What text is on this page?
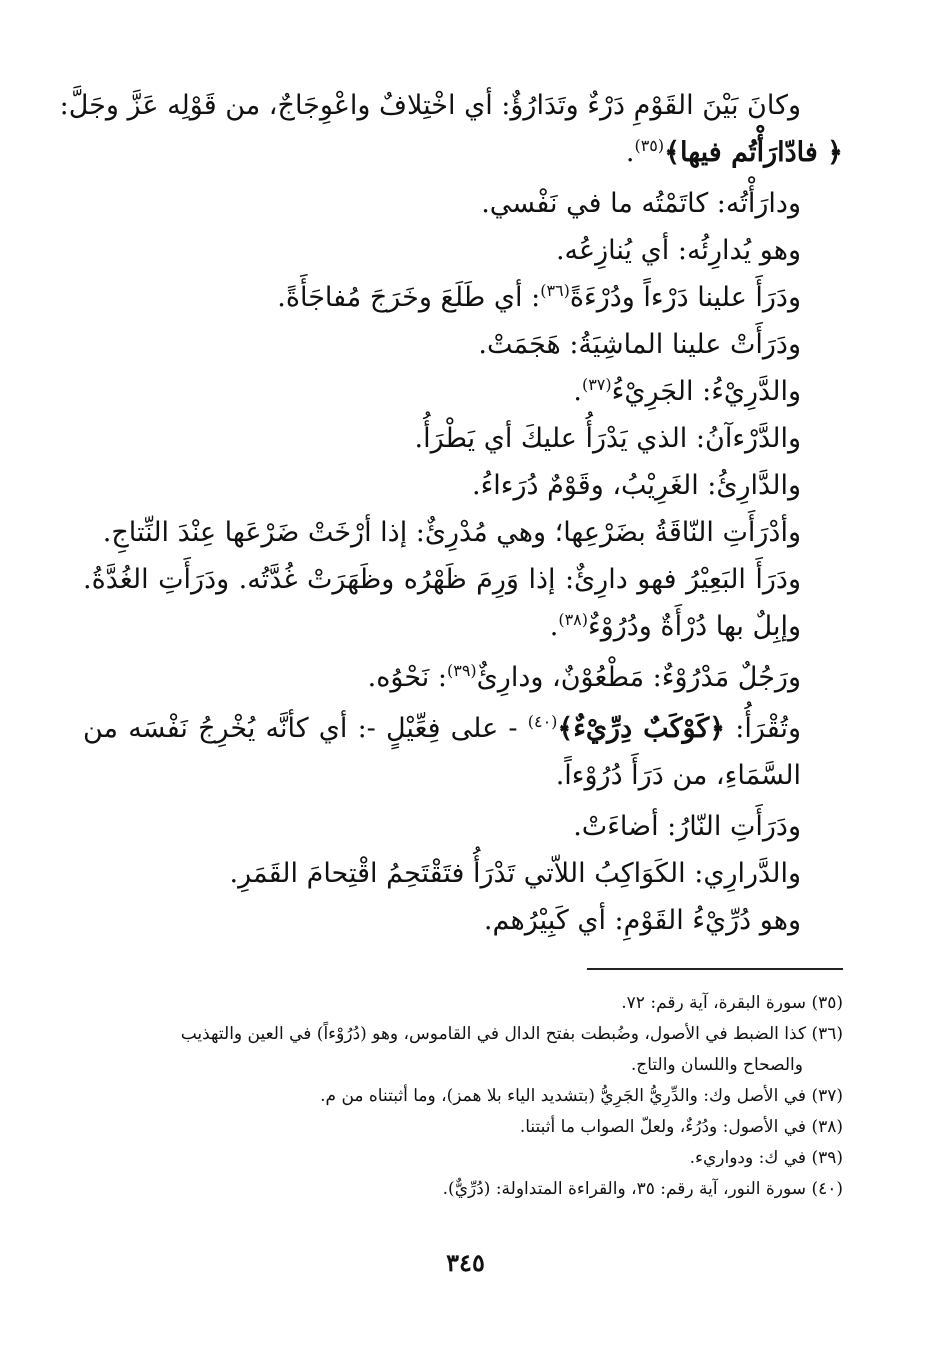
وكانَ بَيْنَ القَوْمِ دَرْءٌ وتَدَارُؤٌ: أي اخْتِلافٌ واعْوِجَاجٌ، من قَوْلِه عَزَّ وجَلَّ:

﴿ فادّارَأْتُم فيها﴾$^{(٣٥)}$.

ودارَأْتُه: كاتَمْتُه ما في نَفْسي.

وهو يُدارِئُه: أي يُنازِعُه.

ودَرَأَ علينا دَرْءاً ودُرْءَةً$^{(٣٦)}$: أي طَلَعَ وخَرَجَ مُفاجَأَةً.

ودَرَأَتْ علينا الماشِيَةُ: هَجَمَتْ.

والدَّرِيْءُ: الجَرِيْءُ$^{(٣٧)}$.

والدَّرْءآنُ: الذي يَدْرَأُ عليكَ أي يَطْرَأُ.

والدَّارِئُ: الغَرِيْبُ، وقَوْمٌ دُرَءاءُ.

وأدْرَأَتِ النّاقَةُ بضَرْعِها؛ وهي مُدْرِئٌ: إذا أرْخَتْ ضَرْعَها عِنْدَ النِّتاجِ.

ودَرَأَ البَعِيْرُ فهو دارِئٌ: إذا وَرِمَ ظَهْرُه وظَهَرَتْ غُدَّتُه. ودَرَأَتِ الغُدَّةُ. وإبِلٌ بها دُرْأَةٌ ودُرُوْءٌ$^{(٣٨)}$.

ورَجُلٌ مَدْرُوْءٌ: مَطْعُوْنٌ، ودارِئٌ$^{(٣٩)}$: نَحْوُه.

وتُقْرَأُ: ﴿كَوْكَبٌ دِرِّيْءٌ﴾$^{(٤٠)}$ - على فِعِّيْلٍ -: أي كأنَّه يُخْرِجُ نَفْسَه من السَّمَاءِ، من دَرَأَ دُرُوْءاً.

ودَرَأَتِ النّارُ: أضاءَتْ.

والدَّرارِي: الكَوَاكِبُ اللاّتي تَدْرَأُ فتَقْتَحِمُ اقْتِحامَ القَمَرِ.

وهو دُرِّيْءُ القَوْمِ: أي كَبِيْرُهم.

(٣٥) سورة البقرة، آية رقم: ٧٢.

(٣٦) كذا الضبط في الأصول، وضُبطت بفتح الدال في القاموس، وهو (دُرُوْءاً) في العين والتهذيب

والصحاح واللسان والتاج.

(٣٧) في الأصل وك: والدِّرِيُّ الجَرِيُّ (بتشديد الياء بلا همز)، وما أثبتناه من م.

(٣٨) في الأصول: ودُرُءٌ، ولعلّ الصواب ما أثبتنا.

(٣٩) في ك: ودواريء.

(٤٠) سورة النور، آية رقم: ٣٥، والقراءة المتداولة: (دُرِّيٌّ).

٣٤٥
